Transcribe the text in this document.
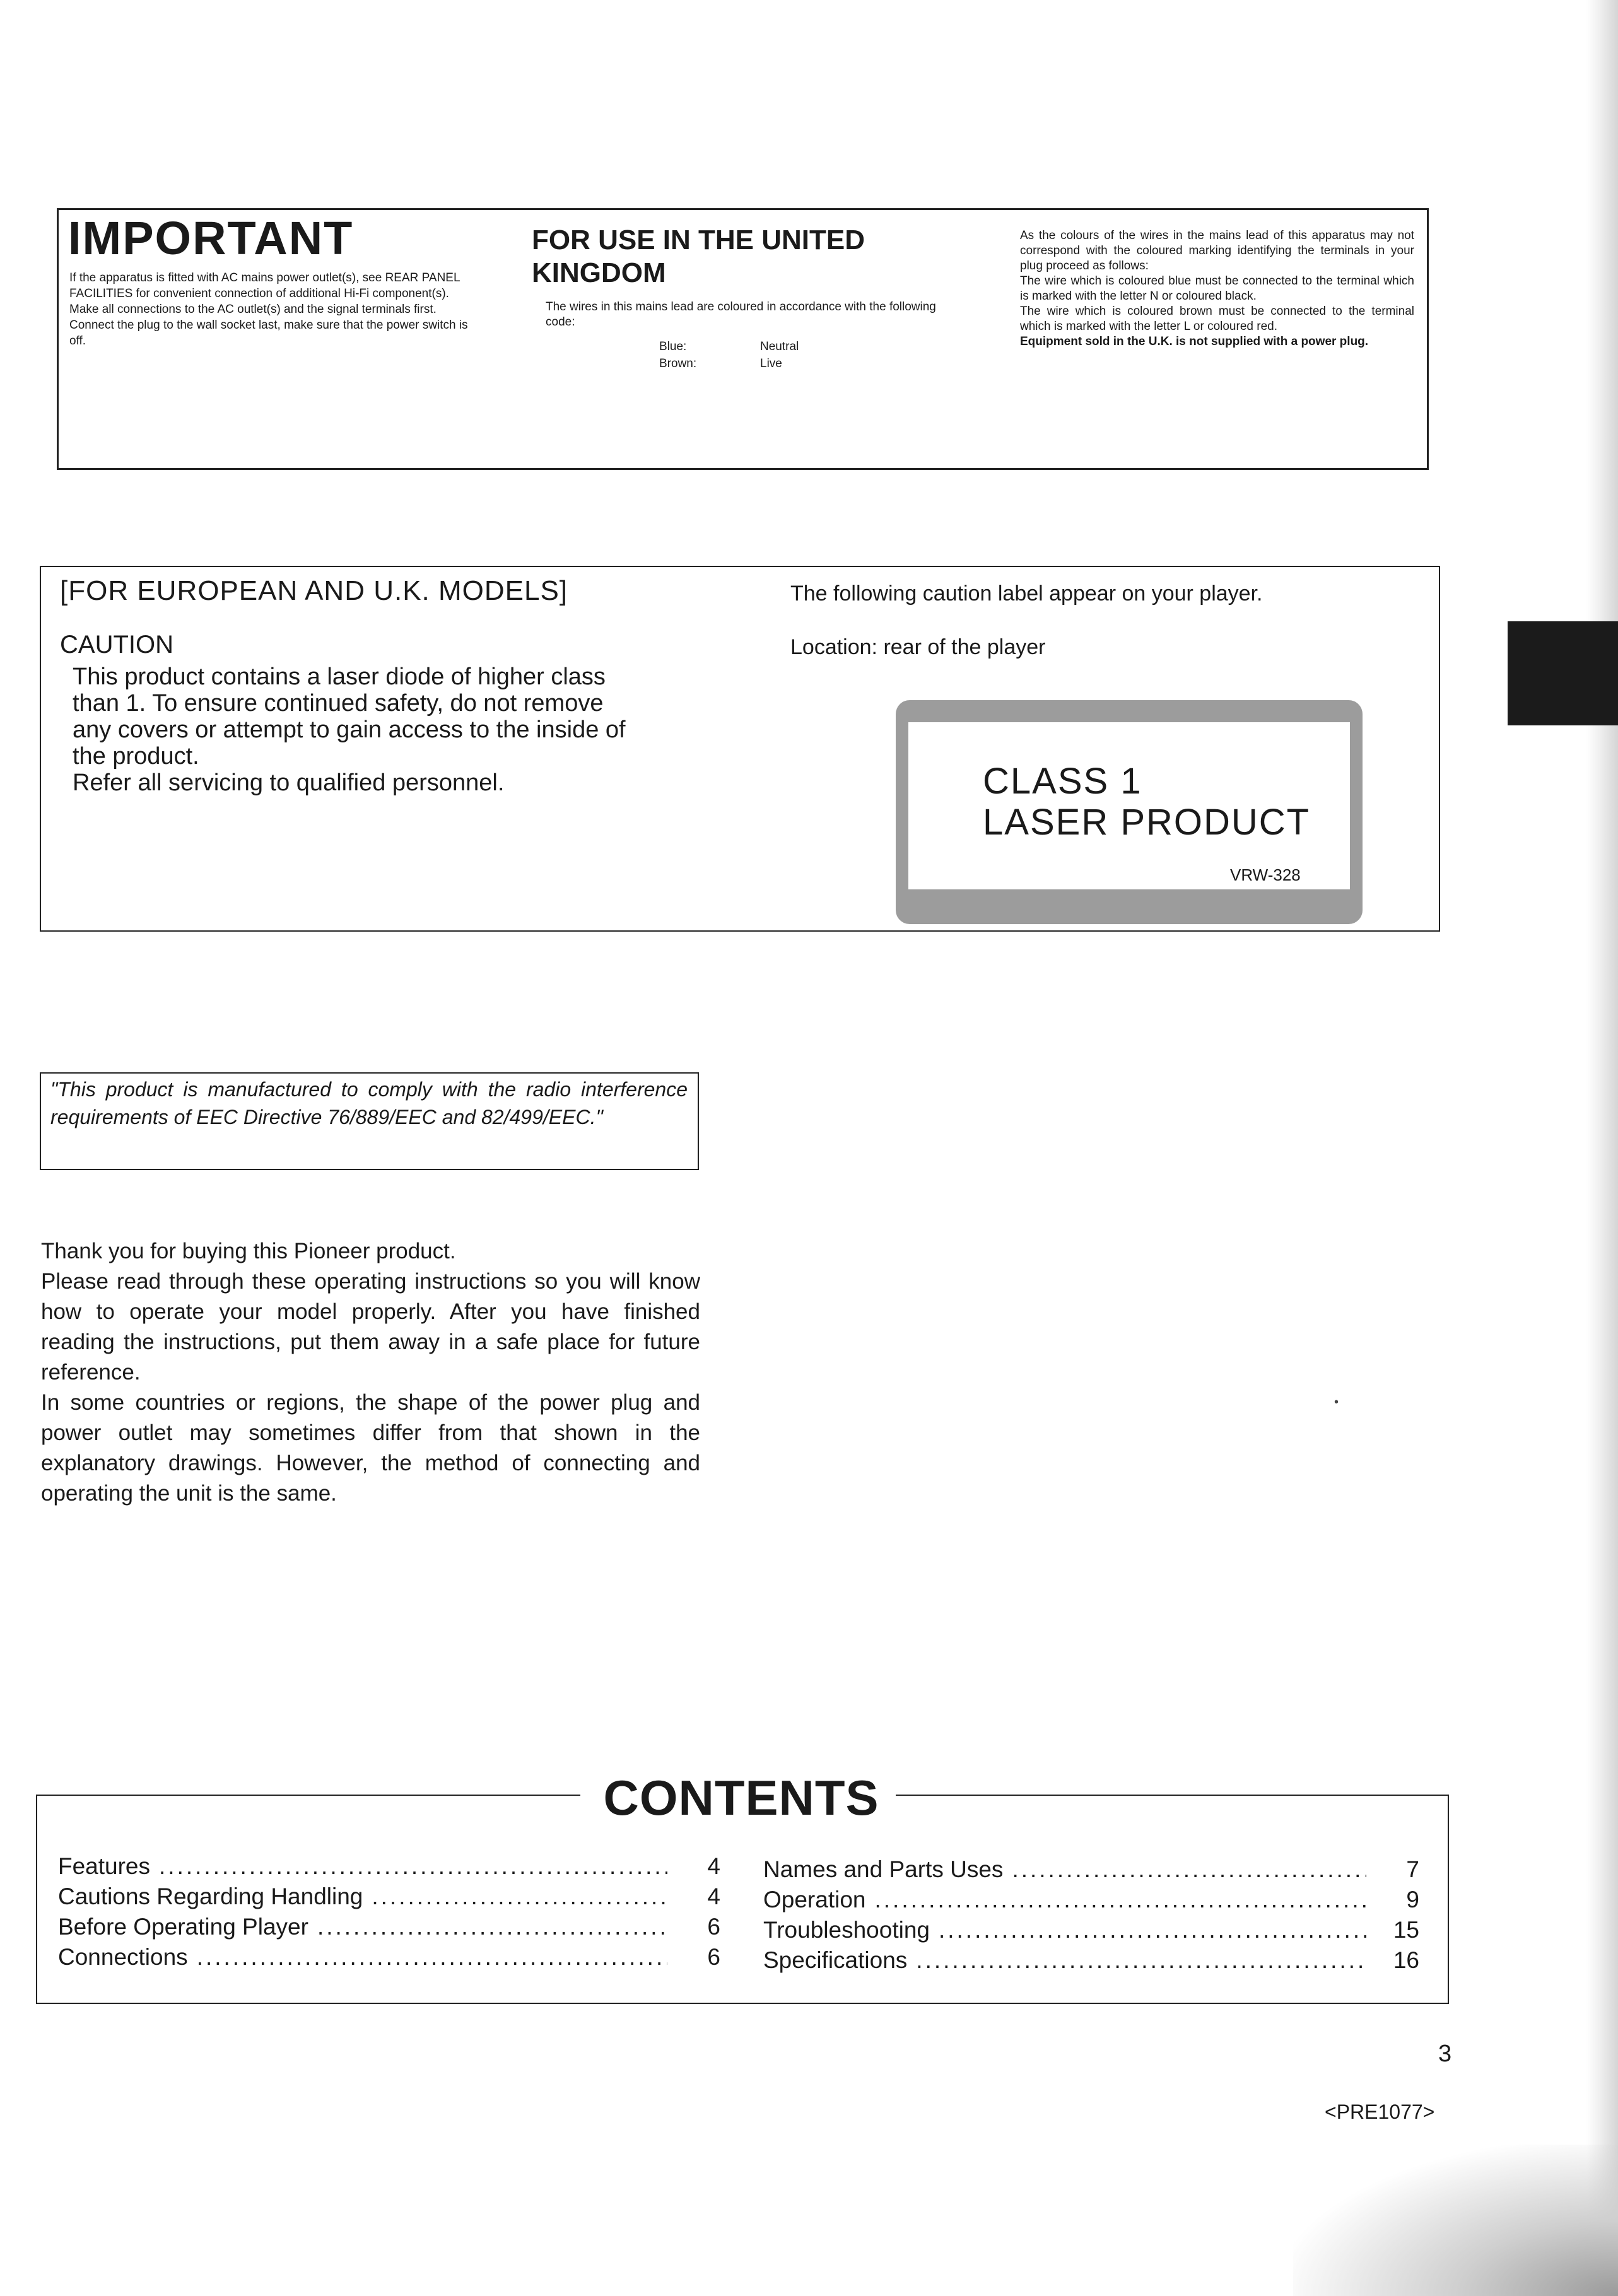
IMPORTANT
If the apparatus is fitted with AC mains power outlet(s), see REAR PANEL FACILITIES for convenient connection of additional Hi-Fi component(s). Make all connections to the AC outlet(s) and the signal terminals first. Connect the plug to the wall socket last, make sure that the power switch is off.
FOR USE IN THE UNITED KINGDOM
The wires in this mains lead are coloured in accordance with the following code:
Blue:	Neutral
Brown:	Live

As the colours of the wires in the mains lead of this apparatus may not correspond with the coloured marking identifying the terminals in your plug proceed as follows:

The wire which is coloured blue must be connected to the terminal which is marked with the letter N or coloured black.

The wire which is coloured brown must be connected to the terminal which is marked with the letter L or coloured red.

Equipment sold in the U.K. is not supplied with a power plug.

[FOR EUROPEAN AND U.K. MODELS]
CAUTION

This product contains a laser diode of higher class

than 1. To ensure continued safety, do not remove

any covers or attempt to gain access to the inside of

the product.

Refer all servicing to qualified personnel.

The following caution label appear on your player.
Location: rear of the player
CLASS 1
LASER PRODUCT
VRW-328
"This product is manufactured to comply with the radio interference requirements of EEC Directive 76/889/EEC and 82/499/EEC."

Thank you for buying this Pioneer product.

Please read through these operating instructions so you will know how to operate your model properly. After you have finished reading the instructions, put them away in a safe place for future reference.

In some countries or regions, the shape of the power plug and power outlet may sometimes differ from that shown in the explanatory drawings. However, the method of connecting and operating the unit is the same.

•
CONTENTS
Features .....	4
Cautions Regarding Handling .....	4
Before Operating Player .....	6
Connections .....	6
Names and Parts Uses .....	7
Operation .....	9
Troubleshooting .....	15
Specifications .....	16
3
<PRE1077>
